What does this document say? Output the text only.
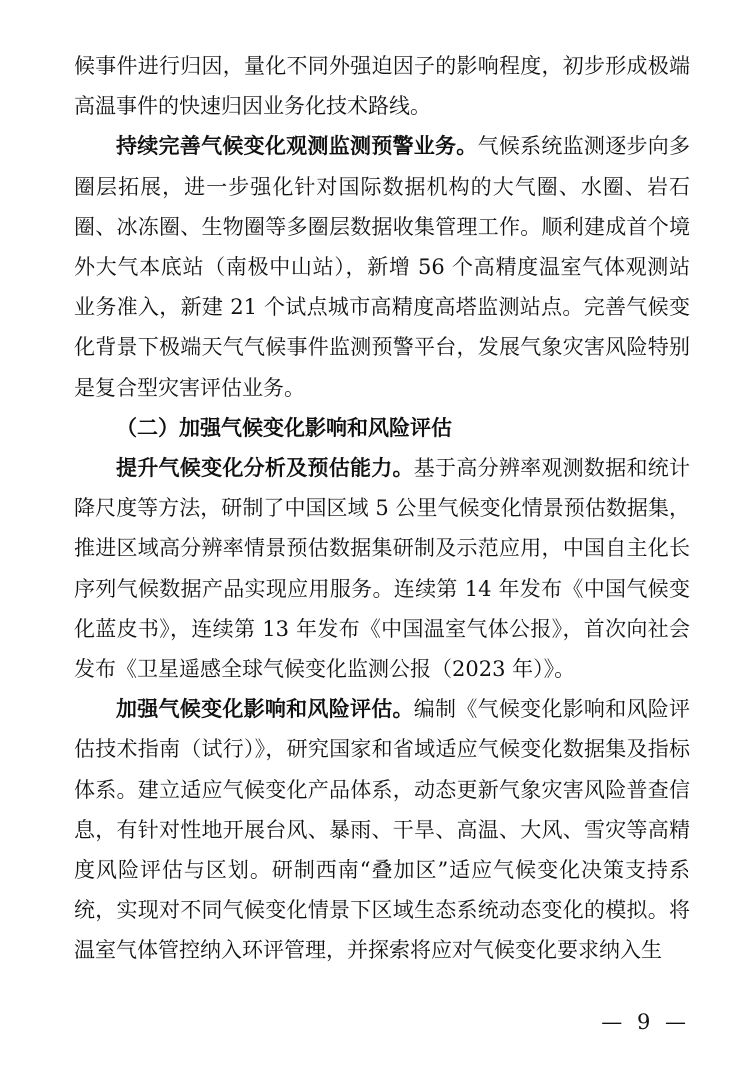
候事件进行归因，量化不同外强迫因子的影响程度，初步形成极端高温事件的快速归因业务化技术路线。

持续完善气候变化观测监测预警业务。气候系统监测逐步向多圈层拓展，进一步强化针对国际数据机构的大气圈、水圈、岩石圈、冰冻圈、生物圈等多圈层数据收集管理工作。顺利建成首个境外大气本底站（南极中山站），新增 56 个高精度温室气体观测站业务准入，新建 21 个试点城市高精度高塔监测站点。完善气候变化背景下极端天气气候事件监测预警平台，发展气象灾害风险特别是复合型灾害评估业务。

（二）加强气候变化影响和风险评估

提升气候变化分析及预估能力。基于高分辨率观测数据和统计降尺度等方法，研制了中国区域 5 公里气候变化情景预估数据集，推进区域高分辨率情景预估数据集研制及示范应用，中国自主化长序列气候数据产品实现应用服务。连续第 14 年发布《中国气候变化蓝皮书》，连续第 13 年发布《中国温室气体公报》，首次向社会发布《卫星遥感全球气候变化监测公报（2023 年）》。

加强气候变化影响和风险评估。编制《气候变化影响和风险评估技术指南（试行）》，研究国家和省域适应气候变化数据集及指标体系。建立适应气候变化产品体系，动态更新气象灾害风险普查信息，有针对性地开展台风、暴雨、干旱、高温、大风、雪灾等高精度风险评估与区划。研制西南“叠加区”适应气候变化决策支持系统，实现对不同气候变化情景下区域生态系统动态变化的模拟。将温室气体管控纳入环评管理，并探索将应对气候变化要求纳入生

— 9 —
